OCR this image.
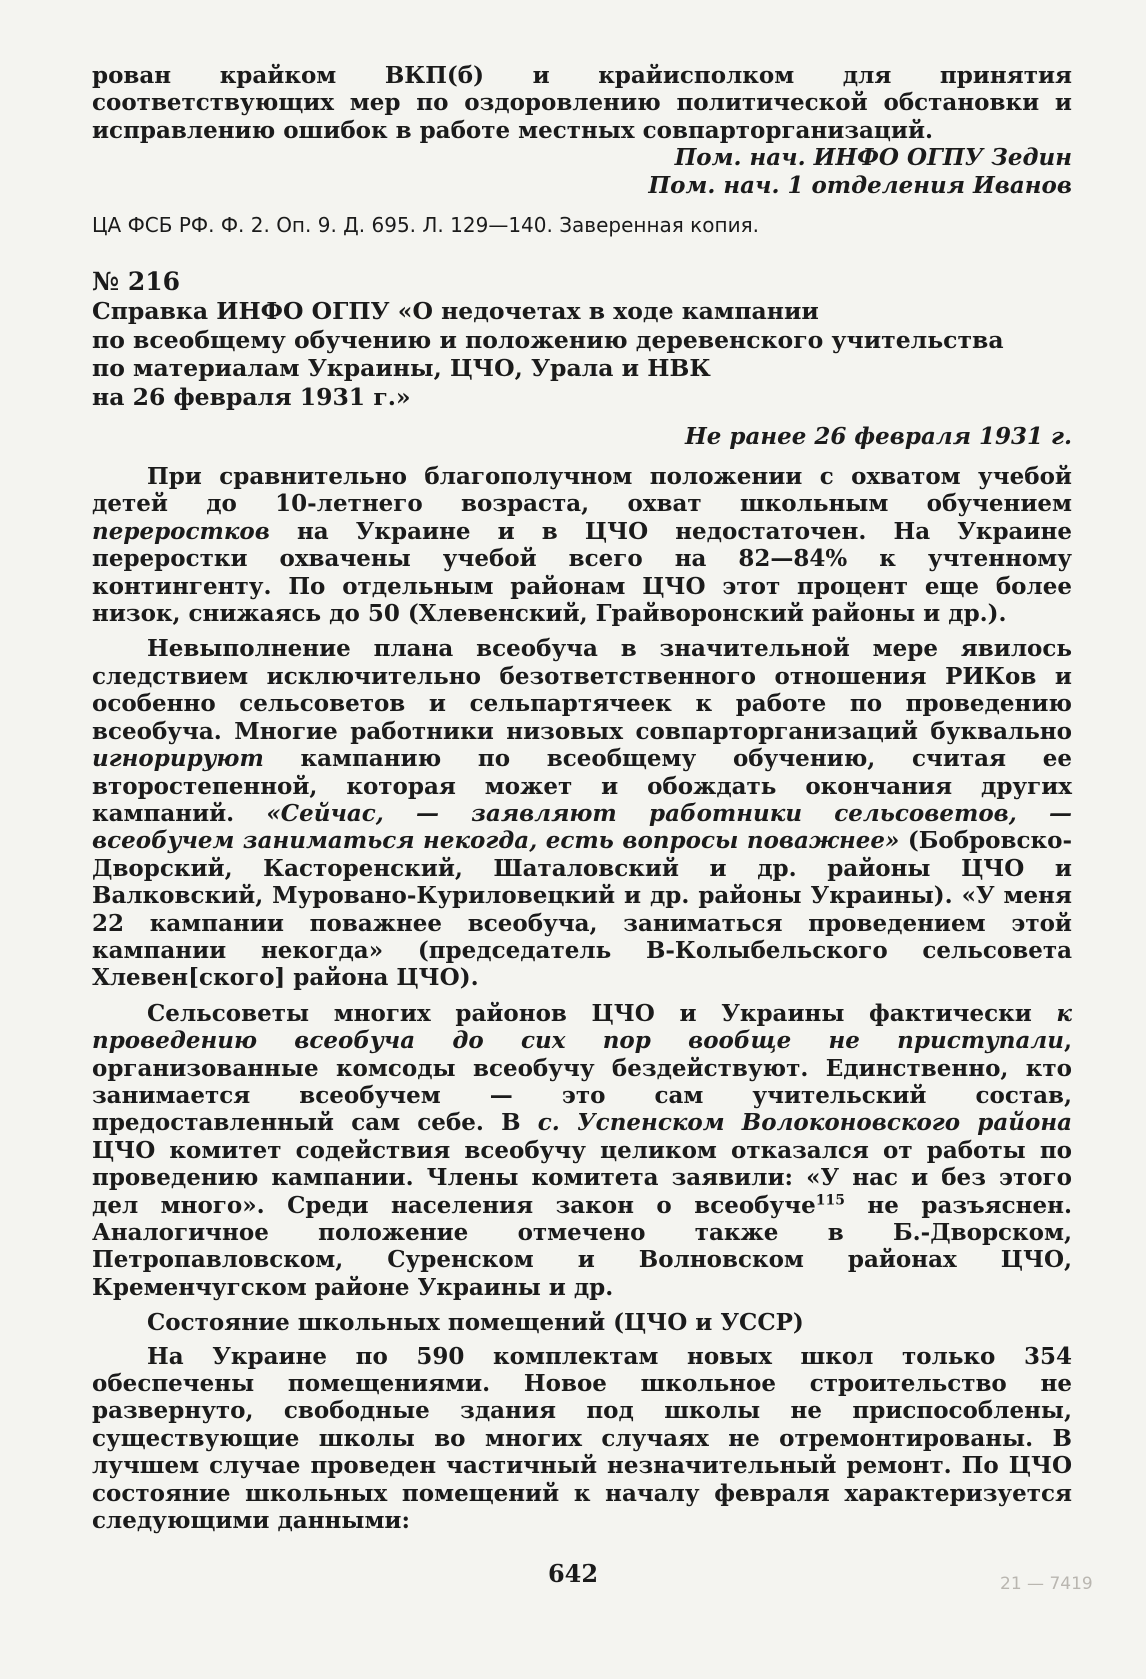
рован крайком ВКП(б) и крайисполком для принятия соответствующих мер по оздоровлению политической обстановки и исправлению ошибок в работе местных совпарторганизаций.

Пом. нач. ИНФО ОГПУ Зедин
Пом. нач. 1 отделения Иванов
ЦА ФСБ РФ. Ф. 2. Оп. 9. Д. 695. Л. 129—140. Заверенная копия.
№ 216
Справка ИНФО ОГПУ «О недочетах в ходе кампании
по всеобщему обучению и положению деревенского учительства
по материалам Украины, ЦЧО, Урала и НВК
на 26 февраля 1931 г.»
Не ранее 26 февраля 1931 г.

При сравнительно благополучном положении с охватом учебой детей до 10-летнего возраста, охват школьным обучением переростков на Украине и в ЦЧО недостаточен. На Украине переростки охвачены учебой всего на 82—84% к учтенному контингенту. По отдельным районам ЦЧО этот процент еще более низок, снижаясь до 50 (Хлевенский, Грайворонский районы и др.).

Невыполнение плана всеобуча в значительной мере явилось следствием исключительно безответственного отношения РИКов и особенно сельсоветов и сельпартячеек к работе по проведению всеобуча. Многие работники низовых совпарторганизаций буквально игнорируют кампанию по всеобщему обучению, считая ее второстепенной, которая может и обождать окончания других кампаний. «Сейчас, — заявляют работники сельсоветов, — всеобучем заниматься некогда, есть вопросы поважнее» (Бобровско-Дворский, Касторенский, Шаталовский и др. районы ЦЧО и Валковский, Мурованo-Куриловецкий и др. районы Украины). «У меня 22 кампании поважнее всеобуча, заниматься проведением этой кампании некогда» (председатель В-Колыбельского сельсовета Хлевен[ского] района ЦЧО).

Сельсоветы многих районов ЦЧО и Украины фактически к проведению всеобуча до сих пор вообще не приступали, организованные комсоды всеобучу бездействуют. Единственно, кто занимается всеобучем — это сам учительский состав, предоставленный сам себе. В с. Успенском Волоконовского района ЦЧО комитет содействия всеобучу целиком отказался от работы по проведению кампании. Члены комитета заявили: «У нас и без этого дел много». Среди населения закон о всеобуче$^{115}$ не разъяснен. Аналогичное положение отмечено также в Б.-Дворском, Петропавловском, Суренском и Волновском районах ЦЧО, Кременчугском районе Украины и др.

Состояние школьных помещений (ЦЧО и УССР)

На Украине по 590 комплектам новых школ только 354 обеспечены помещениями. Новое школьное строительство не развернуто, свободные здания под школы не приспособлены, существующие школы во многих случаях не отремонтированы. В лучшем случае проведен частичный незначительный ремонт. По ЦЧО состояние школьных помещений к началу февраля характеризуется следующими данными:

642	21 — 7419
